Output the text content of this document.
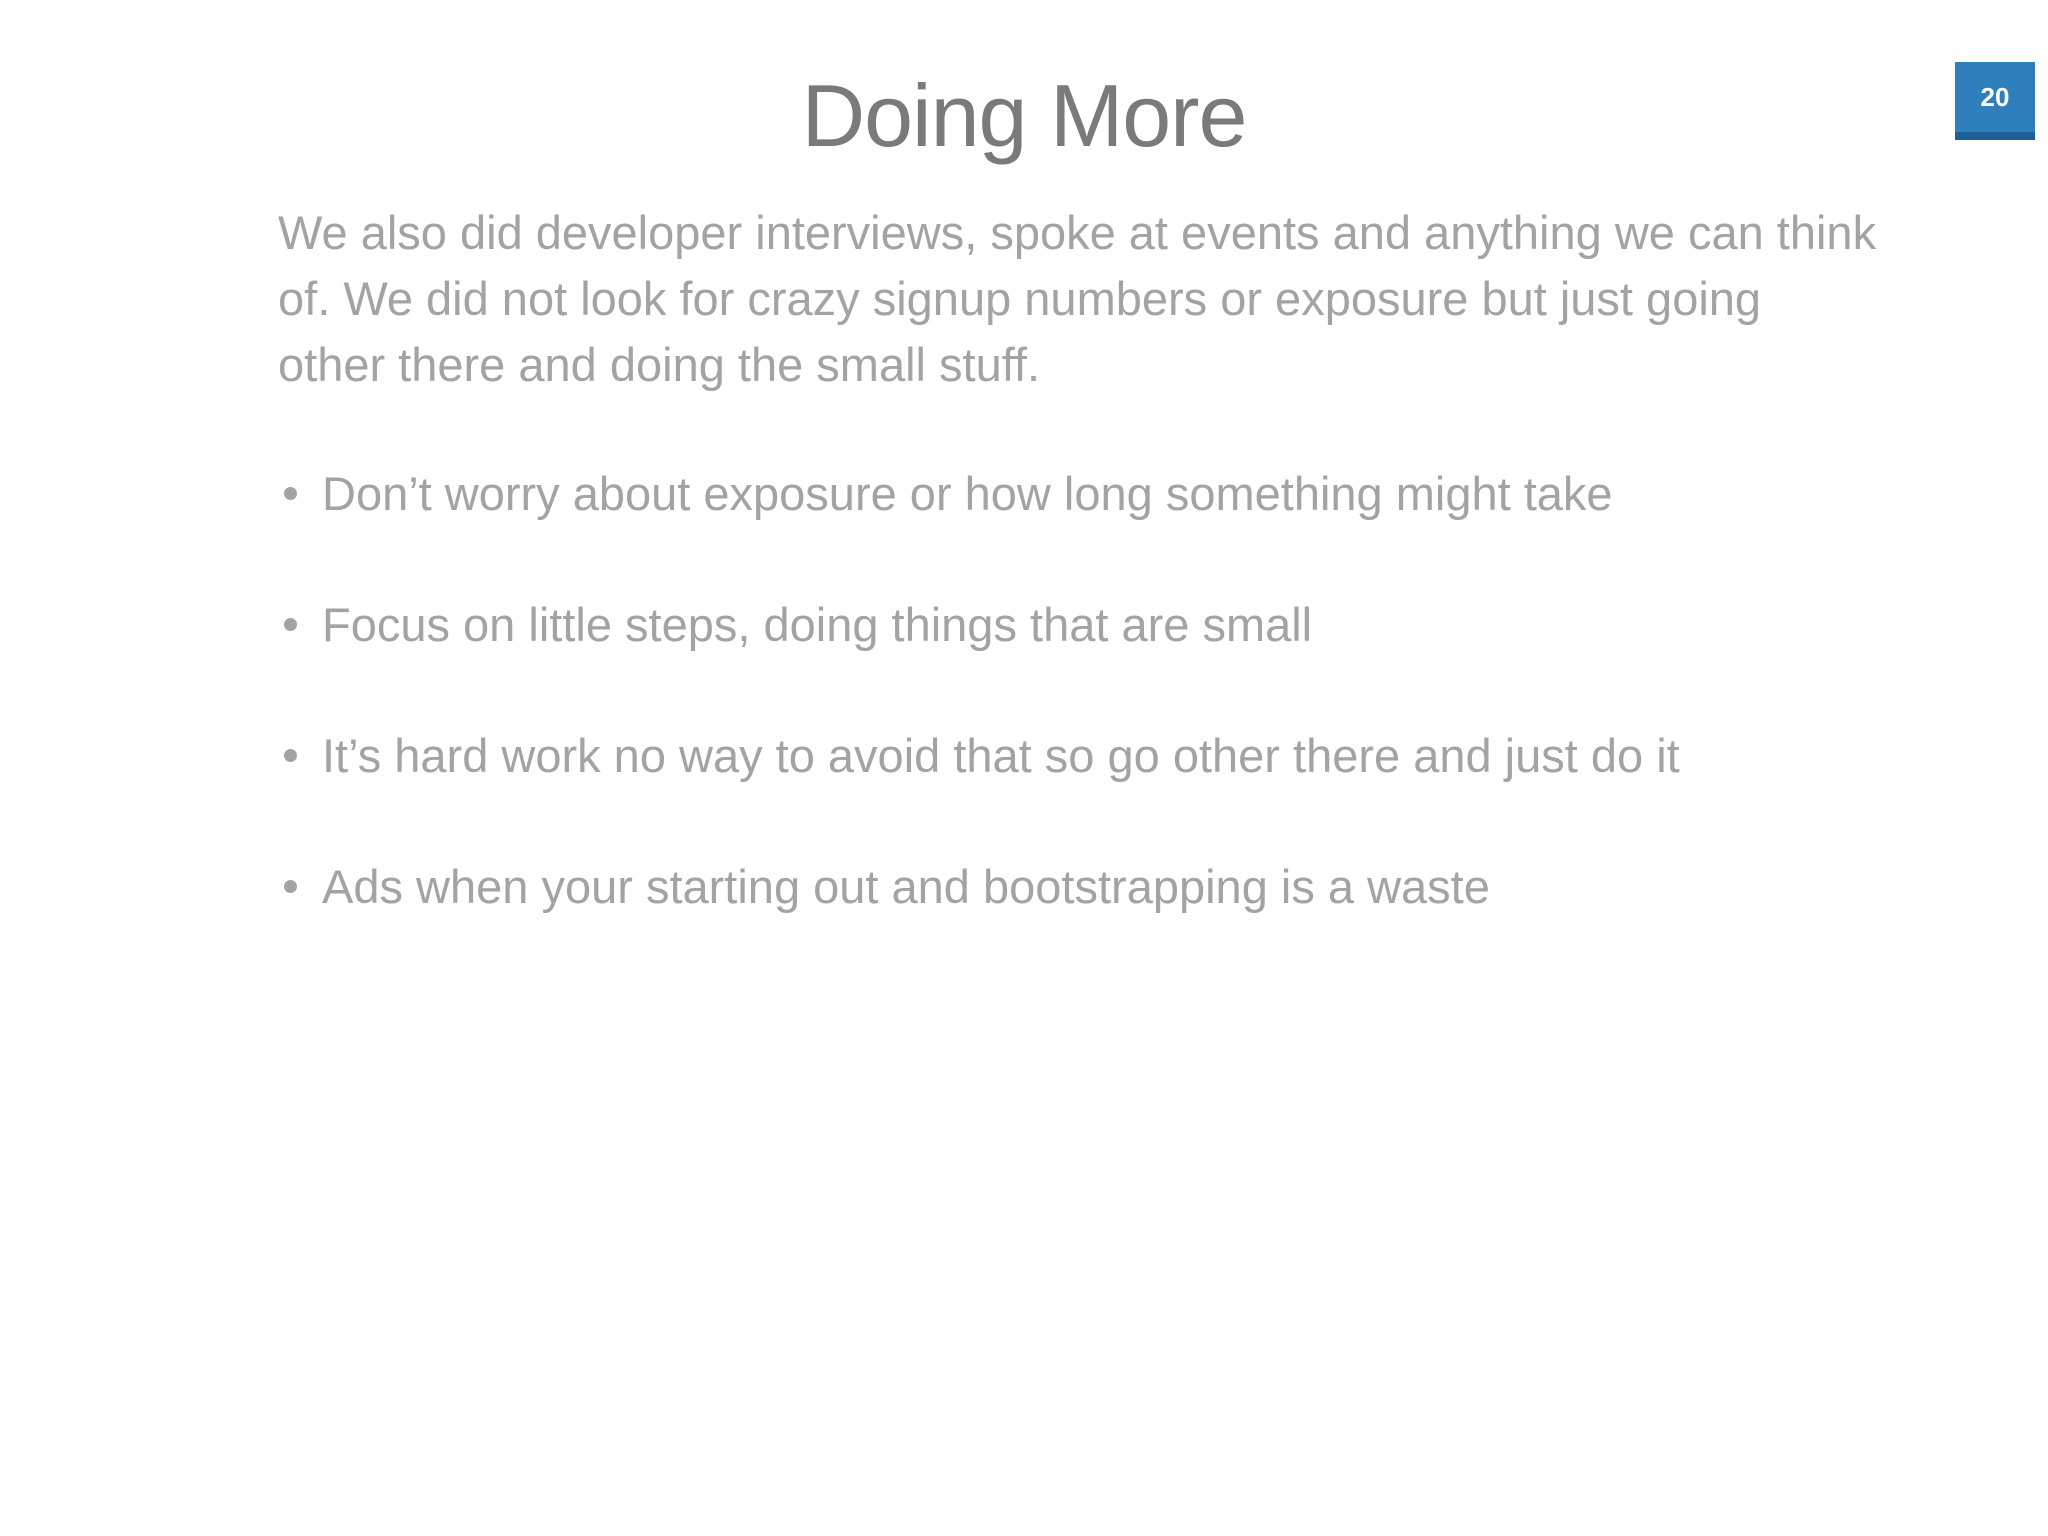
Doing More	20
We also did developer interviews, spoke at events and anything we can think of. We did not look for crazy signup numbers or exposure but just going other there and doing the small stuff.
Don’t worry about exposure or how long something might take
Focus on little steps, doing things that are small
It’s hard work no way to avoid that so go other there and just do it
Ads when your starting out and bootstrapping is a waste
